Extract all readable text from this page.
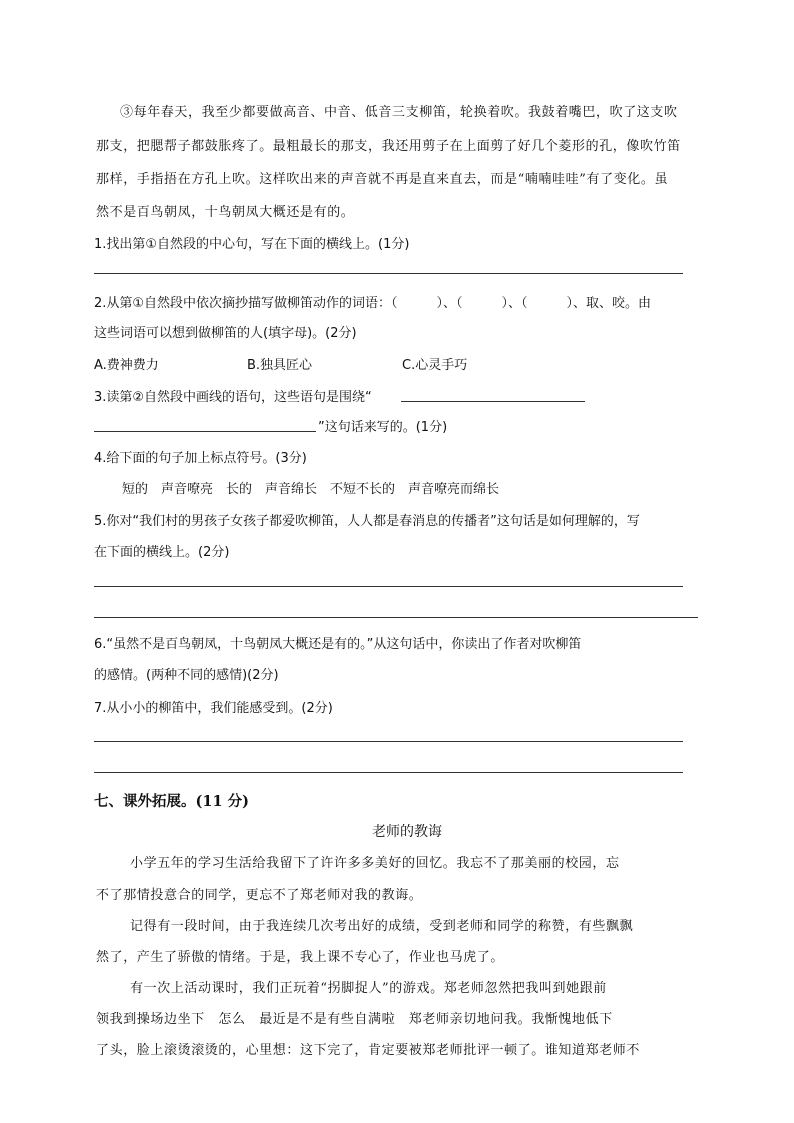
③每年春天，我至少都要做高音、中音、低音三支柳笛，轮换着吹。我鼓着嘴巴，吹了这支吹
那支，把腮帮子都鼓胀疼了。最粗最长的那支，我还用剪子在上面剪了好几个菱形的孔，像吹竹笛
那样，手指捂在方孔上吹。这样吹出来的声音就不再是直来直去，而是“喃喃哇哇”有了变化。虽
然不是百鸟朝凤，十鸟朝凤大概还是有的。
1.找出第①自然段的中心句，写在下面的横线上。(1分)
2.从第①自然段中依次摘抄描写做柳笛动作的词语：（　　　）、（　　　）、（　　　）、取、咬。由
这些词语可以想到做柳笛的人(填字母)。(2分)
A.费神费力	B.独具匠心	C.心灵手巧
3.读第②自然段中画线的语句，这些语句是围绕“
”这句话来写的。(1分)
4.给下面的句子加上标点符号。(3分)
短的　声音嘹亮　长的　声音绵长　不短不长的　声音嘹亮而绵长
5.你对“我们村的男孩子女孩子都爱吹柳笛，人人都是春消息的传播者”这句话是如何理解的，写
在下面的横线上。(2分)
6.“虽然不是百鸟朝凤，十鸟朝凤大概还是有的。”从这句话中，你读出了作者对吹柳笛
的感情。(两种不同的感情)(2分)
7.从小小的柳笛中，我们能感受到。(2分)
七、课外拓展。(11 分)
老师的教诲
小学五年的学习生活给我留下了许许多多美好的回忆。我忘不了那美丽的校园，忘
不了那情投意合的同学，更忘不了郑老师对我的教诲。
记得有一段时间，由于我连续几次考出好的成绩，受到老师和同学的称赞，有些飘飘
然了，产生了骄傲的情绪。于是，我上课不专心了，作业也马虎了。
有一次上活动课时，我们正玩着“拐脚捉人”的游戏。郑老师忽然把我叫到她跟前
领我到操场边坐下　怎么　最近是不是有些自满啦　郑老师亲切地问我。我惭愧地低下
了头，脸上滚烫滚烫的，心里想：这下完了，肯定要被郑老师批评一顿了。谁知道郑老师不
